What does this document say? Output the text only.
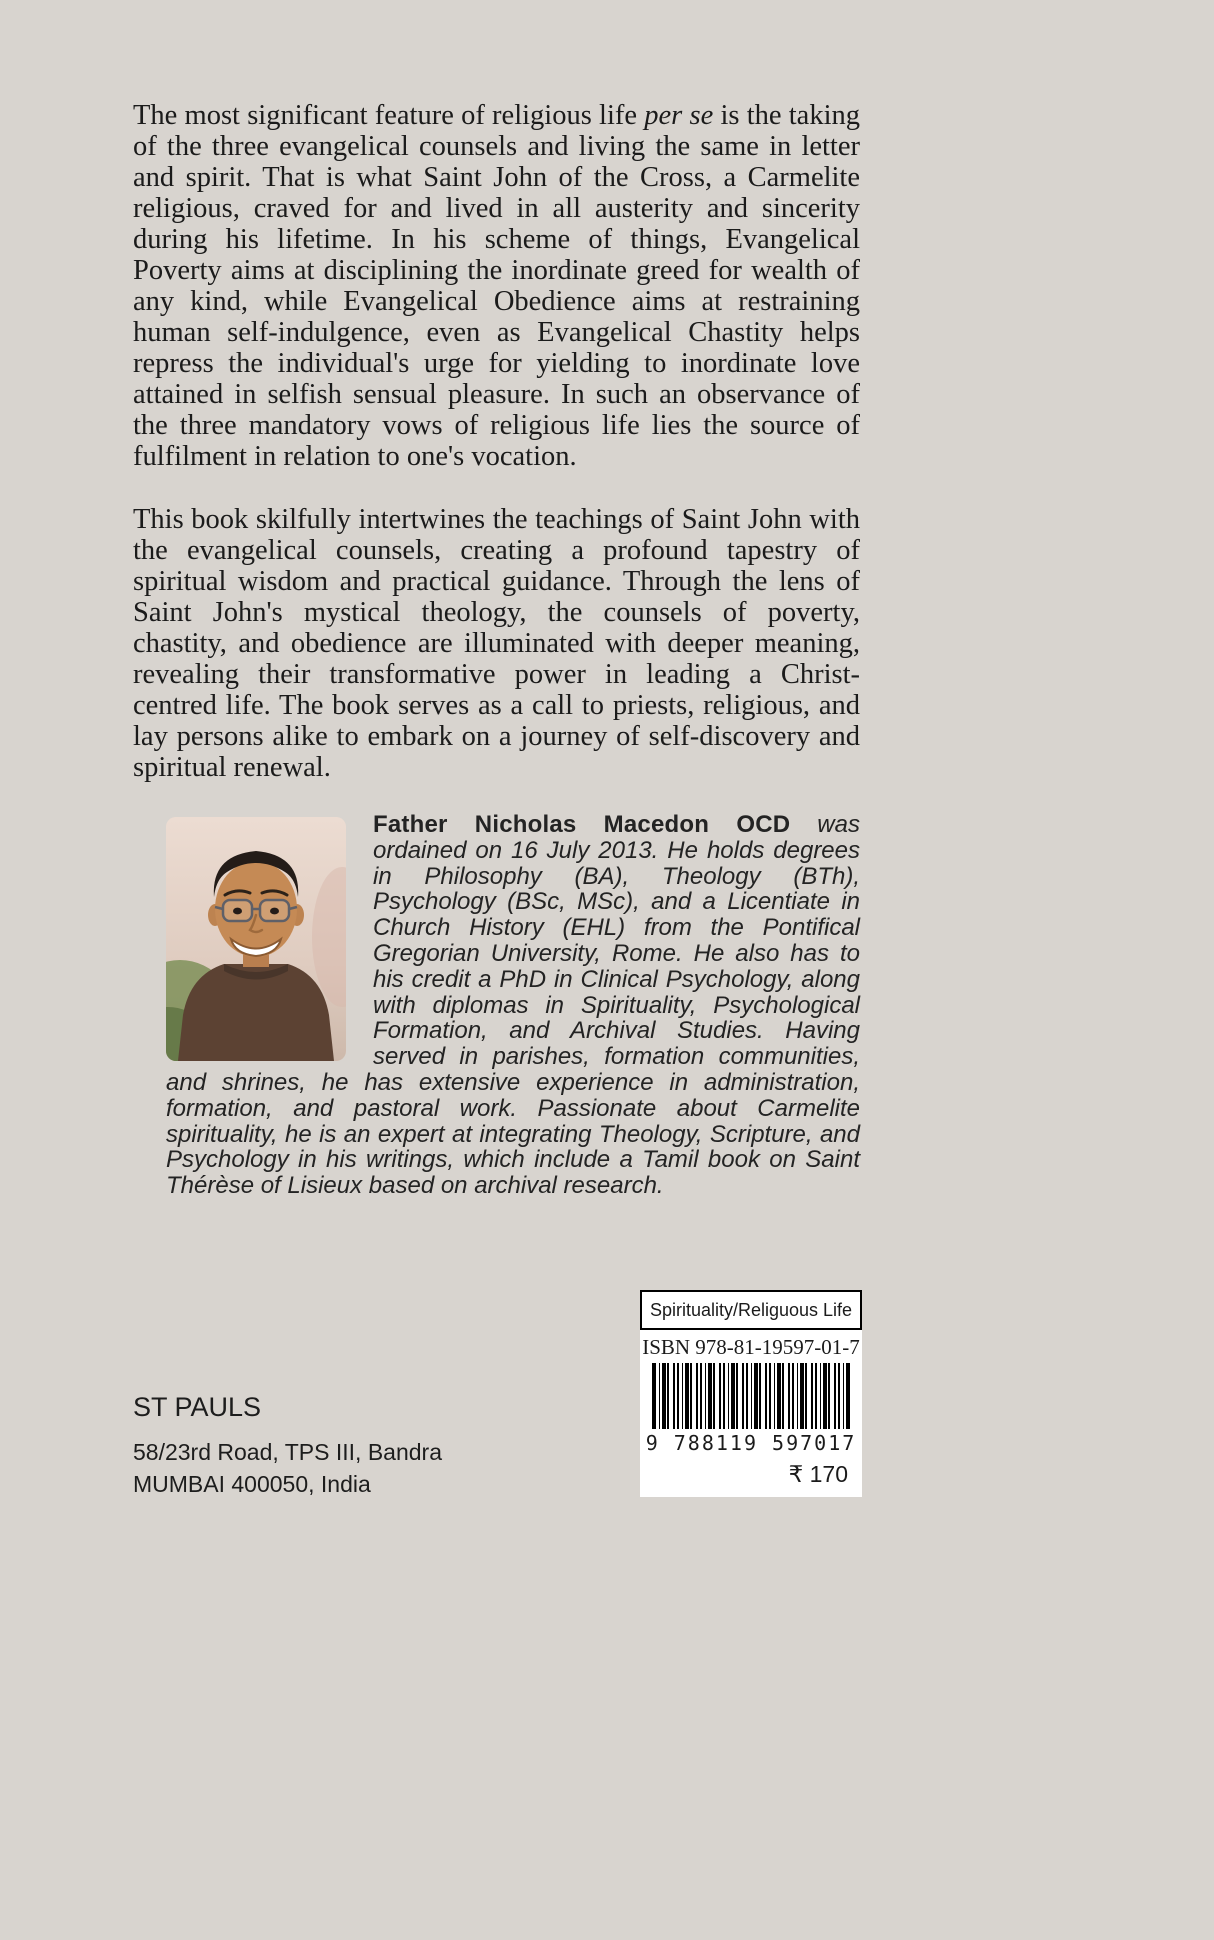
The most significant feature of religious life per se is the taking of the three evangelical counsels and living the same in letter and spirit. That is what Saint John of the Cross, a Carmelite religious, craved for and lived in all austerity and sincerity during his lifetime. In his scheme of things, Evangelical Poverty aims at disciplining the inordinate greed for wealth of any kind, while Evangelical Obedience aims at restraining human self-indulgence, even as Evangelical Chastity helps repress the individual's urge for yielding to inordinate love attained in selfish sensual pleasure. In such an observance of the three mandatory vows of religious life lies the source of fulfilment in relation to one's vocation.

This book skilfully intertwines the teachings of Saint John with the evangelical counsels, creating a profound tapestry of spiritual wisdom and practical guidance. Through the lens of Saint John's mystical theology, the counsels of poverty, chastity, and obedience are illuminated with deeper meaning, revealing their transformative power in leading a Christ-centred life. The book serves as a call to priests, religious, and lay persons alike to embark on a journey of self-discovery and spiritual renewal.

Father Nicholas Macedon OCD was ordained on 16 July 2013. He holds degrees in Philosophy (BA), Theology (BTh), Psychology (BSc, MSc), and a Licentiate in Church History (EHL) from the Pontifical Gregorian University, Rome. He also has to his credit a PhD in Clinical Psychology, along with diplomas in Spirituality, Psychological Formation, and Archival Studies. Having served in parishes, formation communities, and shrines, he has extensive experience in administration, formation, and pastoral work. Passionate about Carmelite spirituality, he is an expert at integrating Theology, Scripture, and Psychology in his writings, which include a Tamil book on Saint Thérèse of Lisieux based on archival research.

ST PAULS
58/23rd Road, TPS III, Bandra
MUMBAI 400050, India
Spirituality/Religuous Life
ISBN 978-81-19597-01-7
9 788119 597017
₹ 170
